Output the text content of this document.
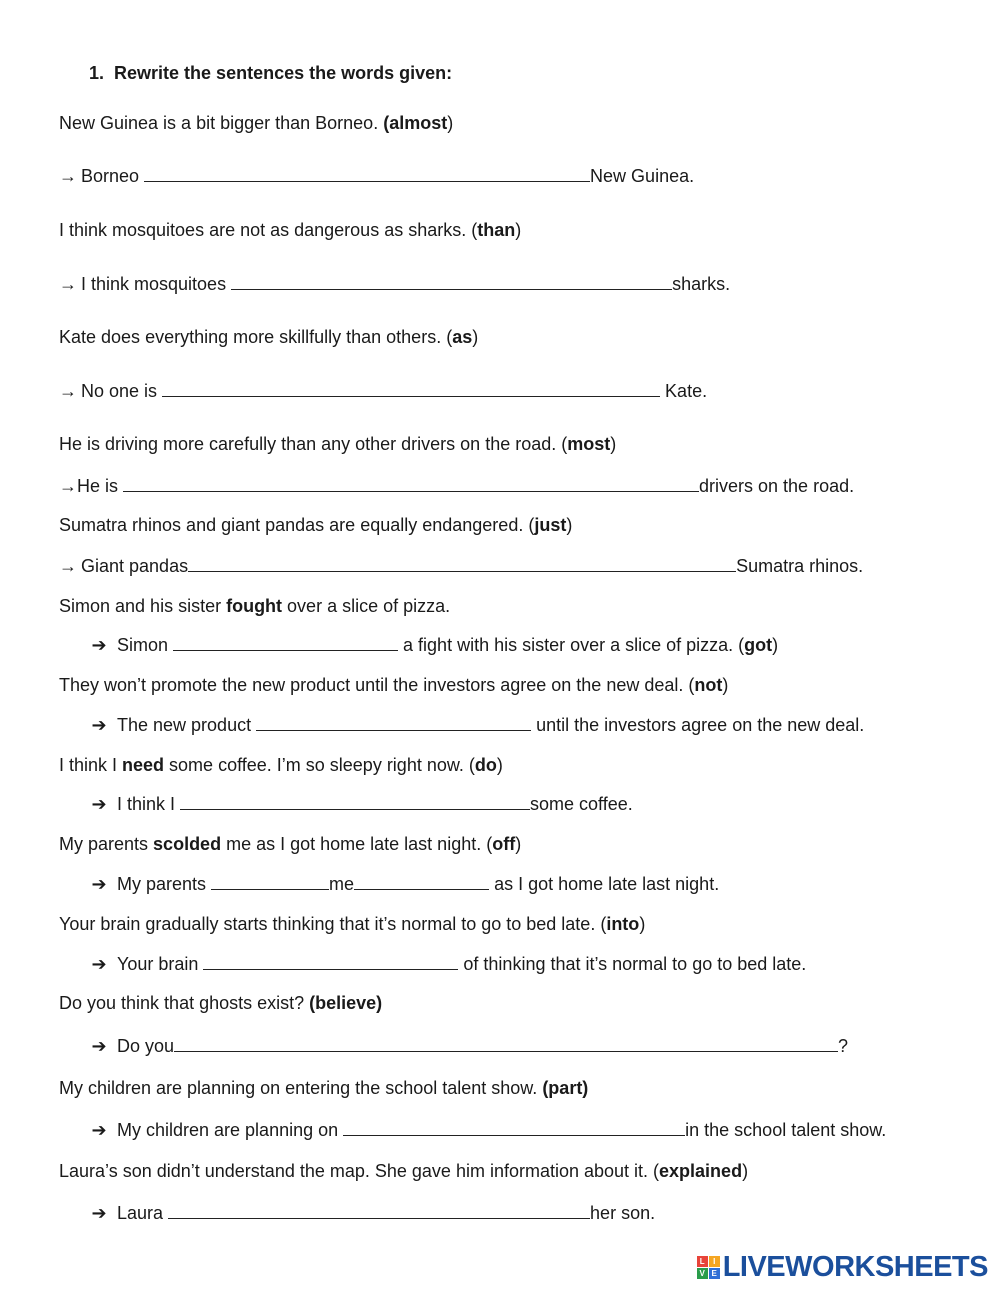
1. Rewrite the sentences the words given:
New Guinea is a bit bigger than Borneo. (almost)
→ Borneo	New Guinea.
I think mosquitoes are not as dangerous as sharks. (than)
→ I think mosquitoes	sharks.
Kate does everything more skillfully than others. (as)
→ No one is	Kate.
He is driving more carefully than any other drivers on the road. (most)
→He is	drivers on the road.
Sumatra rhinos and giant pandas are equally endangered. (just)
→ Giant pandas	Sumatra rhinos.
Simon and his sister fought over a slice of pizza.
➔ Simon	a fight with his sister over a slice of pizza. (got)
They won’t promote the new product until the investors agree on the new deal. (not)
➔ The new product	until the investors agree on the new deal.
I think I need some coffee. I’m so sleepy right now. (do)
➔ I think I	some coffee.
My parents scolded me as I got home late last night. (off)
➔ My parents	me	as I got home late last night.
Your brain gradually starts thinking that it’s normal to go to bed late. (into)
➔ Your brain	of thinking that it’s normal to go to bed late.
Do you think that ghosts exist? (believe)
➔ Do you	?
My children are planning on entering the school talent show. (part)
➔ My children are planning on	in the school talent show.
Laura’s son didn’t understand the map. She gave him information about it. (explained)
➔ Laura	her son.
L	I
V E LIVEWORKSHEETS
